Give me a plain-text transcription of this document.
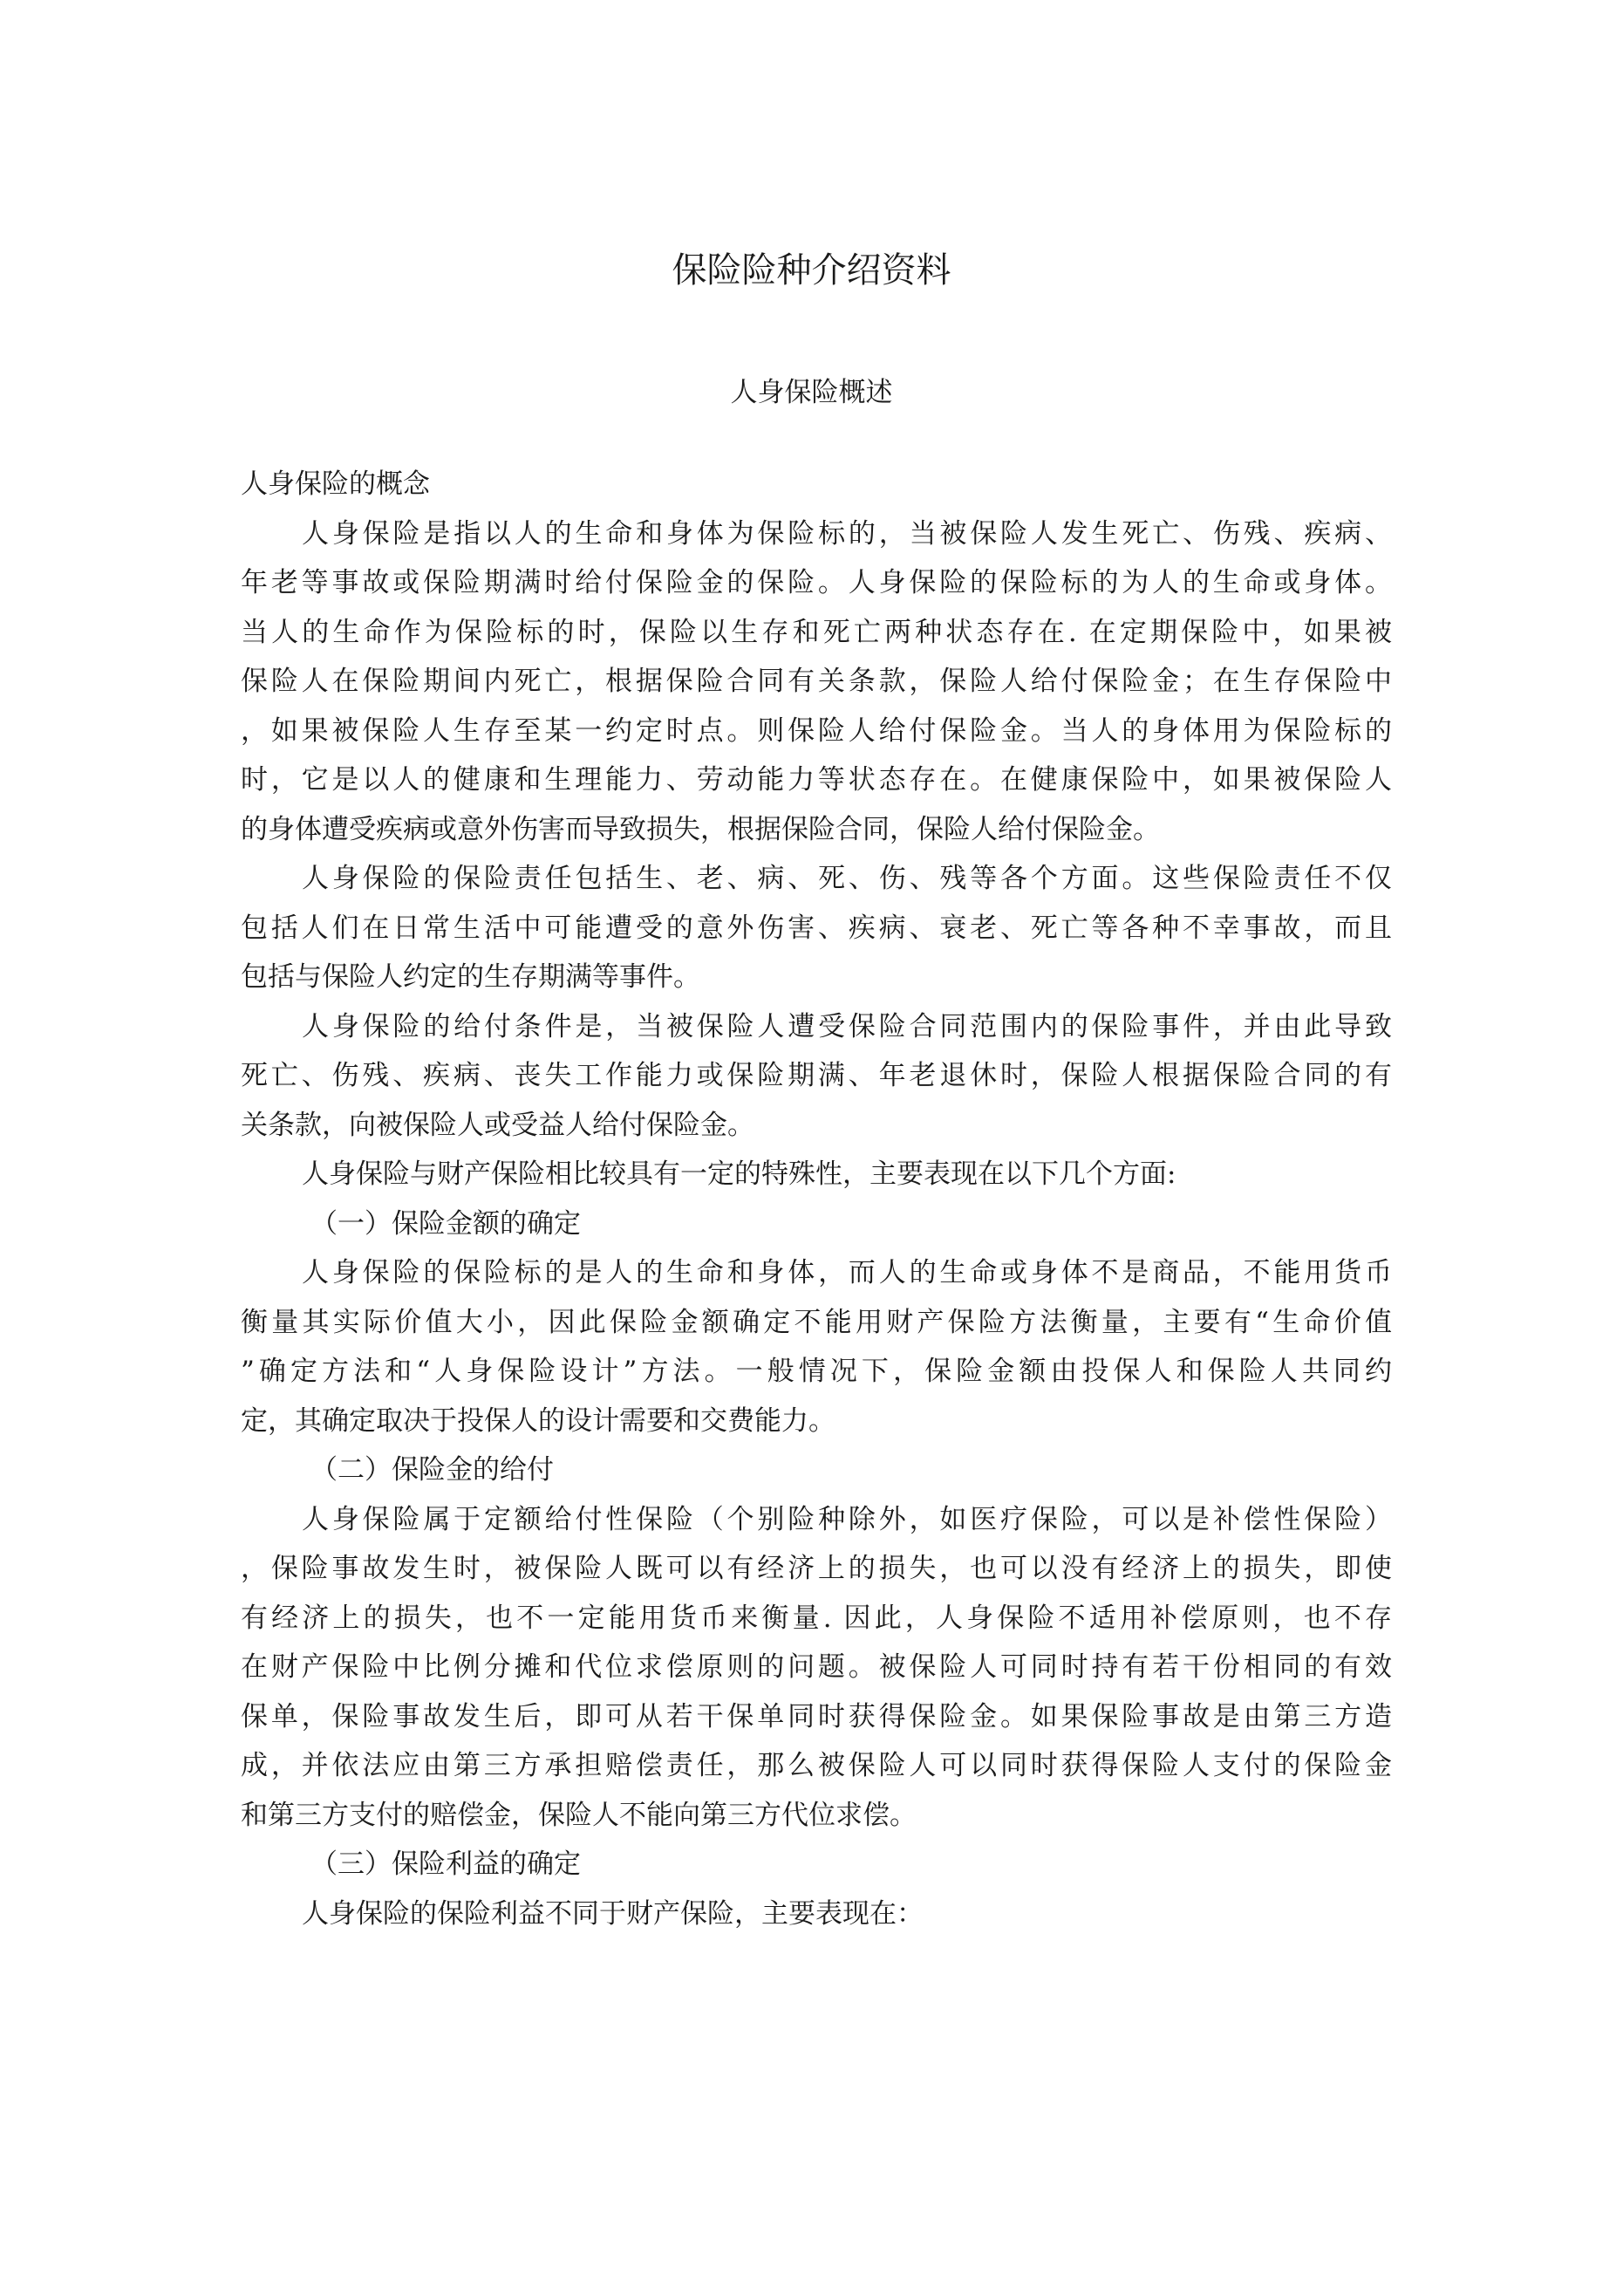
保险险种介绍资料
人身保险概述
人身保险的概念
人身保险是指以人的生命和身体为保险标的，当被保险人发生死亡、伤残、疾病、
年老等事故或保险期满时给付保险金的保险。人身保险的保险标的为人的生命或身体。
当人的生命作为保险标的时，保险以生存和死亡两种状态存在. 在定期保险中，如果被
保险人在保险期间内死亡，根据保险合同有关条款，保险人给付保险金；在生存保险中
，如果被保险人生存至某一约定时点。则保险人给付保险金。当人的身体用为保险标的
时，它是以人的健康和生理能力、劳动能力等状态存在。在健康保险中，如果被保险人
的身体遭受疾病或意外伤害而导致损失，根据保险合同，保险人给付保险金。
人身保险的保险责任包括生、老、病、死、伤、残等各个方面。这些保险责任不仅
包括人们在日常生活中可能遭受的意外伤害、疾病、衰老、死亡等各种不幸事故，而且
包括与保险人约定的生存期满等事件。
人身保险的给付条件是，当被保险人遭受保险合同范围内的保险事件，并由此导致
死亡、伤残、疾病、丧失工作能力或保险期满、年老退休时，保险人根据保险合同的有
关条款，向被保险人或受益人给付保险金。
人身保险与财产保险相比较具有一定的特殊性，主要表现在以下几个方面:
（一）保险金额的确定
人身保险的保险标的是人的生命和身体，而人的生命或身体不是商品，不能用货币
衡量其实际价值大小，因此保险金额确定不能用财产保险方法衡量，主要有“生命价值
”确定方法和“人身保险设计”方法。一般情况下，保险金额由投保人和保险人共同约
定，其确定取决于投保人的设计需要和交费能力。
（二）保险金的给付
人身保险属于定额给付性保险（个别险种除外，如医疗保险，可以是补偿性保险）
，保险事故发生时，被保险人既可以有经济上的损失，也可以没有经济上的损失，即使
有经济上的损失，也不一定能用货币来衡量. 因此，人身保险不适用补偿原则，也不存
在财产保险中比例分摊和代位求偿原则的问题。被保险人可同时持有若干份相同的有效
保单，保险事故发生后，即可从若干保单同时获得保险金。如果保险事故是由第三方造
成，并依法应由第三方承担赔偿责任，那么被保险人可以同时获得保险人支付的保险金
和第三方支付的赔偿金，保险人不能向第三方代位求偿。
（三）保险利益的确定
人身保险的保险利益不同于财产保险，主要表现在：
